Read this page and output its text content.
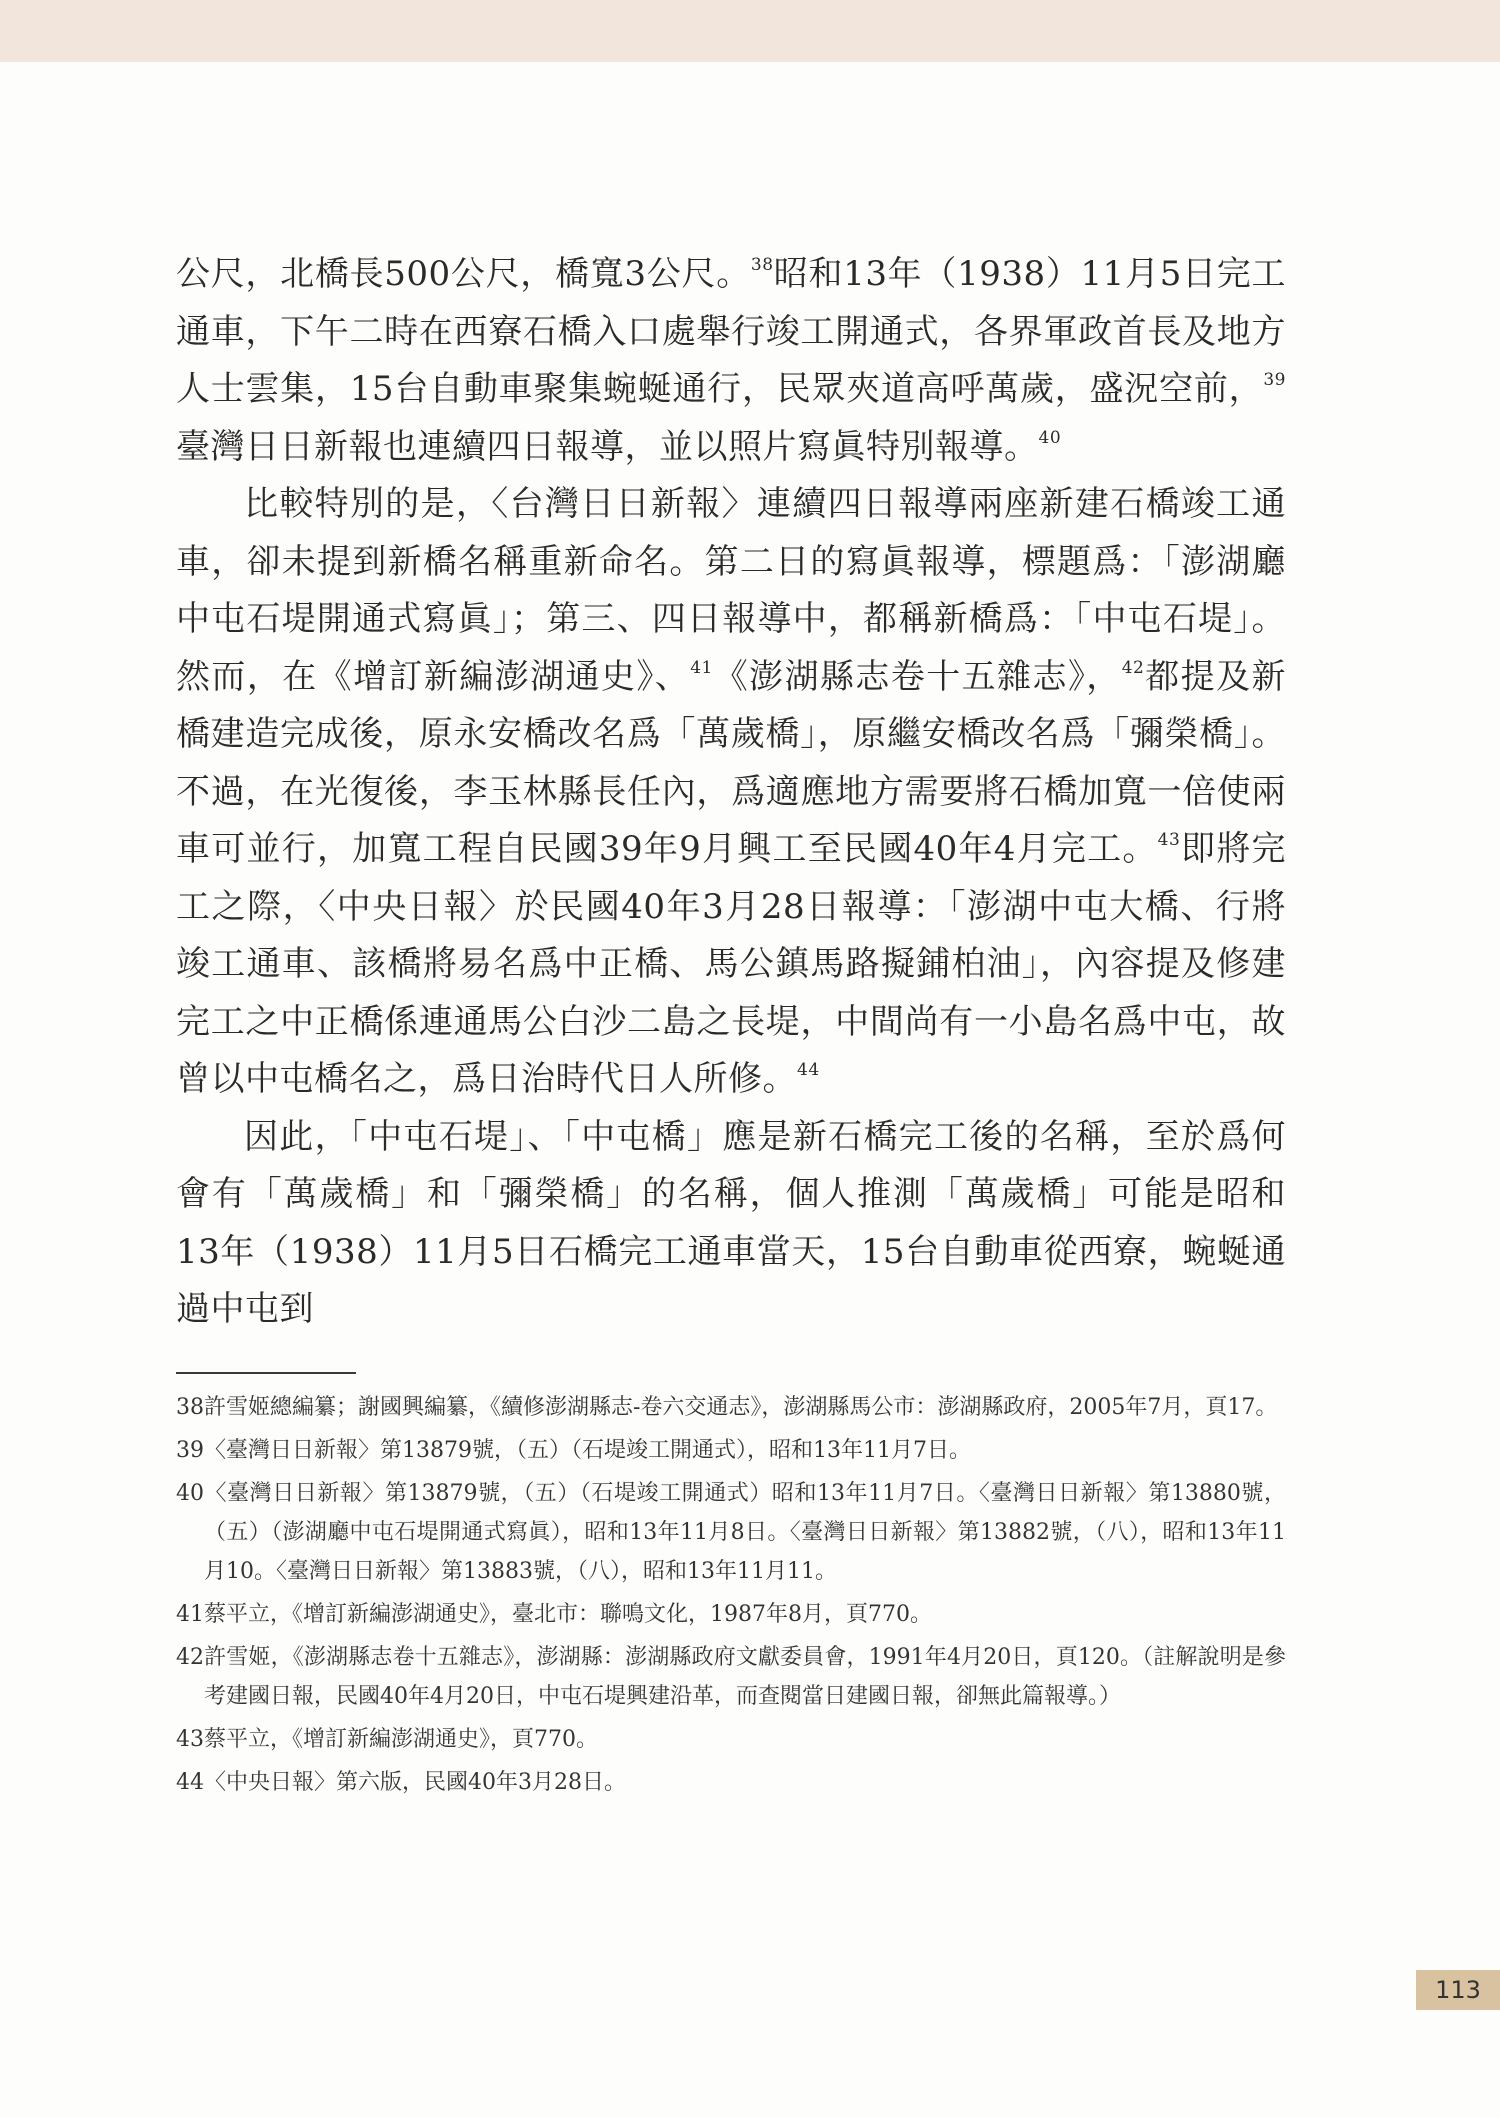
公尺，北橋長500公尺，橋寬3公尺。$^{38}$昭和13年（1938）11月5日完工通車，下午二時在西寮石橋入口處舉行竣工開通式，各界軍政首長及地方人士雲集，15台自動車聚集蜿蜒通行，民眾夾道高呼萬歲，盛況空前，$^{39}$臺灣日日新報也連續四日報導，並以照片寫眞特別報導。$^{40}$

比較特別的是，〈台灣日日新報〉連續四日報導兩座新建石橋竣工通車，卻未提到新橋名稱重新命名。第二日的寫眞報導，標題爲：「澎湖廳中屯石堤開通式寫眞」；第三、四日報導中，都稱新橋爲：「中屯石堤」。然而，在《增訂新編澎湖通史》、$^{41}$《澎湖縣志卷十五雜志》，$^{42}$都提及新橋建造完成後，原永安橋改名爲「萬歲橋」，原繼安橋改名爲「彌榮橋」。不過，在光復後，李玉林縣長任內，爲適應地方需要將石橋加寬一倍使兩車可並行，加寬工程自民國39年9月興工至民國40年4月完工。$^{43}$即將完工之際，〈中央日報〉於民國40年3月28日報導：「澎湖中屯大橋、行將竣工通車、該橋將易名爲中正橋、馬公鎮馬路擬鋪柏油」，內容提及修建完工之中正橋係連通馬公白沙二島之長堤，中間尚有一小島名爲中屯，故曾以中屯橋名之，爲日治時代日人所修。$^{44}$

因此，「中屯石堤」、「中屯橋」應是新石橋完工後的名稱，至於爲何會有「萬歲橋」和「彌榮橋」的名稱，個人推測「萬歲橋」可能是昭和13年（1938）11月5日石橋完工通車當天，15台自動車從西寮，蜿蜒通過中屯到

38許雪姬總編纂；謝國興編纂，《續修澎湖縣志-卷六交通志》，澎湖縣馬公市：澎湖縣政府，2005年7月，頁17。

39〈臺灣日日新報〉第13879號，（五）（石堤竣工開通式），昭和13年11月7日。

40〈臺灣日日新報〉第13879號，（五）（石堤竣工開通式）昭和13年11月7日。〈臺灣日日新報〉第13880號，（五）（澎湖廳中屯石堤開通式寫眞），昭和13年11月8日。〈臺灣日日新報〉第13882號，（八），昭和13年11月10。〈臺灣日日新報〉第13883號，（八），昭和13年11月11。

41蔡平立，《增訂新編澎湖通史》，臺北市：聯鳴文化，1987年8月，頁770。

42許雪姬，《澎湖縣志卷十五雜志》，澎湖縣：澎湖縣政府文獻委員會，1991年4月20日，頁120。（註解說明是參考建國日報，民國40年4月20日，中屯石堤興建沿革，而查閱當日建國日報，卻無此篇報導。）

43蔡平立，《增訂新編澎湖通史》，頁770。

44〈中央日報〉第六版，民國40年3月28日。

113
